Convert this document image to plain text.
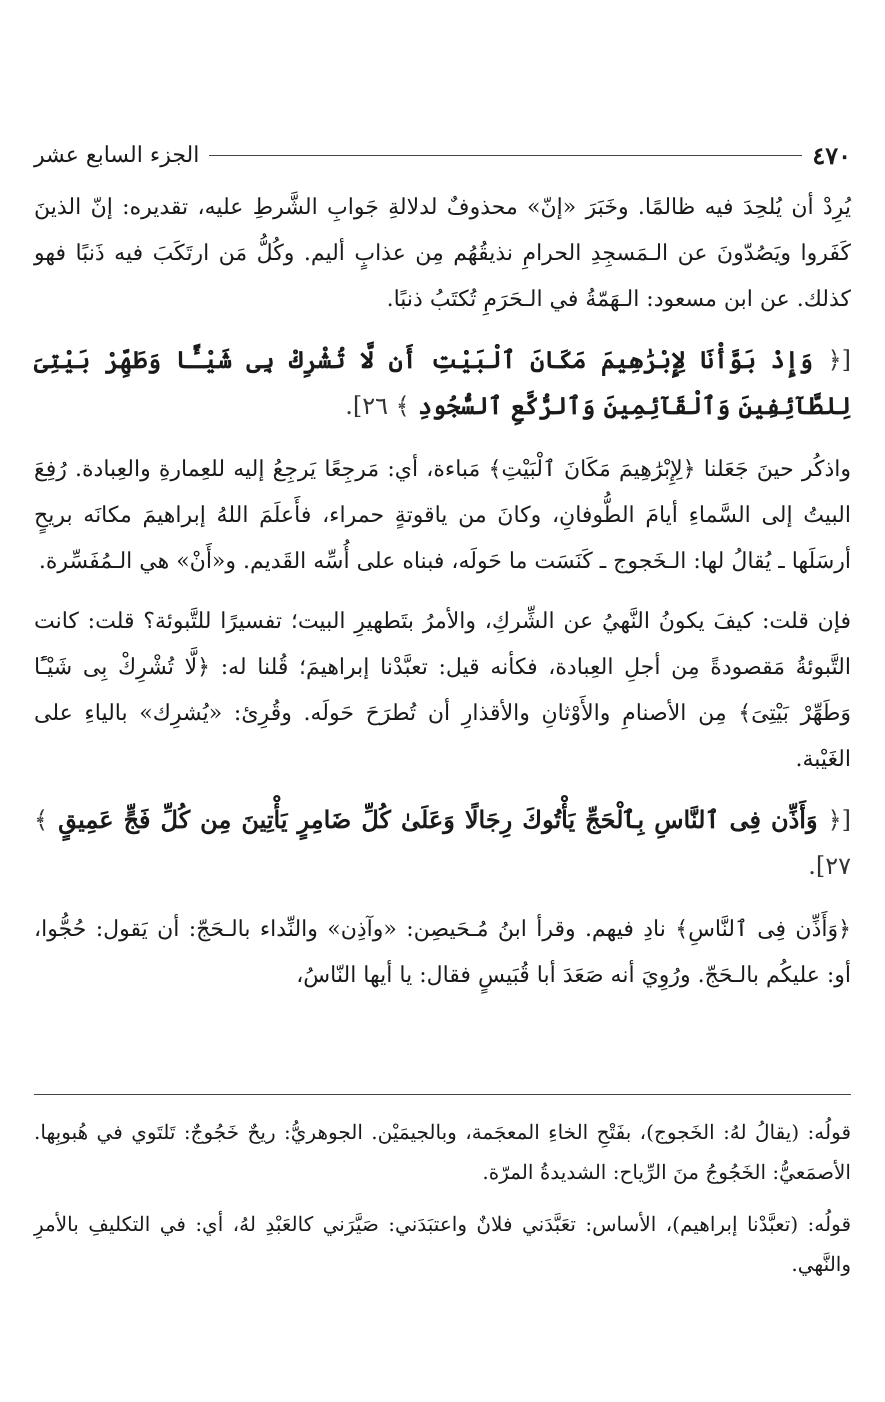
الجزء السابع عشر	٤٧٠

يُرِدْ أن يُلحِدَ فيه ظالمًا. وخَبَرَ «إنّ» محذوفٌ لدلالةِ جَوابِ الشَّرطِ عليه، تقديره: إنّ الذينَ كَفَروا ويَصُدّونَ عن الـمَسجِدِ الحرامِ نذيقُهُم مِن عذابٍ أليم. وكُلُّ مَن ارتَكَبَ فيه ذَنبًا فهو كذلك. عن ابن مسعود: الـهَمّةُ في الـحَرَمِ تُكتَبُ ذنبًا.

[﴿ وَإِذْ بَوَّأْنَا لِإِبْرَٰهِيمَ مَكَانَ ٱلْبَيْتِ أَن لَّا تُشْرِكْ بِى شَيْـًٔا وَطَهِّرْ بَيْتِىَ لِلطَّآئِفِينَ وَٱلْقَآئِمِينَ وَٱلرُّكَّعِ ٱلسُّجُودِ ﴾ ٢٦].

واذكُر حينَ جَعَلنا ﴿لِإِبْرَٰهِيمَ مَكَانَ ٱلْبَيْتِ﴾ مَباءة، أي: مَرجِعًا يَرجِعُ إليه للعِمارةِ والعِبادة. رُفِعَ البيتُ إلى السَّماءِ أيامَ الطُّوفانِ، وكانَ من ياقوتةٍ حمراء، فأَعلَمَ اللهُ إبراهيمَ مكانَه بريحٍ أرسَلَها ـ يُقالُ لها: الـخَجوج ـ كَنَسَت ما حَولَه، فبناه على أُسِّه القَديم. و«أَنْ» هي الـمُفَسِّرة.

فإن قلت: كيفَ يكونُ النَّهيُ عن الشِّركِ، والأمرُ بتَطهيرِ البيت؛ تفسيرًا للتَّبوئة؟ قلت: كانت التَّبوئةُ مَقصودةً مِن أجلِ العِبادة، فكأنه قيل: تعبَّدْنا إبراهيمَ؛ قُلنا له: ﴿لَّا تُشْرِكْ بِى شَيْـًٔا وَطَهِّرْ بَيْتِىَ﴾ مِن الأصنامِ والأَوْثانِ والأقذارِ أن تُطرَحَ حَولَه. وقُرِئ: «يُشرِك» بالياءِ على الغَيْبة.

[﴿ وَأَذِّن فِى ٱلنَّاسِ بِٱلْحَجِّ يَأْتُوكَ رِجَالًا وَعَلَىٰ كُلِّ ضَامِرٍ يَأْتِينَ مِن كُلِّ فَجٍّ عَمِيقٍ ﴾ ٢٧].

﴿وَأَذِّن فِى ٱلنَّاسِ﴾ نادِ فيهم. وقرأ ابنُ مُـحَيصِن: «وآذِن» والنِّداء بالـحَجّ: أن يَقول: حُجُّوا، أو: عليكُم بالـحَجّ. ورُوِيَ أنه صَعَدَ أبا قُبَيسٍ فقال: يا أيها النّاسُ،

قولُه: (يقالُ لهُ: الخَجوج)، بفَتْحِ الخاءِ المعجَمة، وبالجيمَيْن. الجوهريُّ: ريحٌ خَجُوجٌ: تَلتَوي في هُبوبِها. الأصمَعيُّ: الخَجُوجُ منَ الرِّياح: الشديدةُ المرّة.

قولُه: (تعبَّدْنا إبراهيم)، الأساس: تعَبَّدَني فلانٌ واعتبَدَني: صَيَّرَني كالعَبْدِ لهُ، أي: في التكليفِ بالأمرِ والنَّهي.
